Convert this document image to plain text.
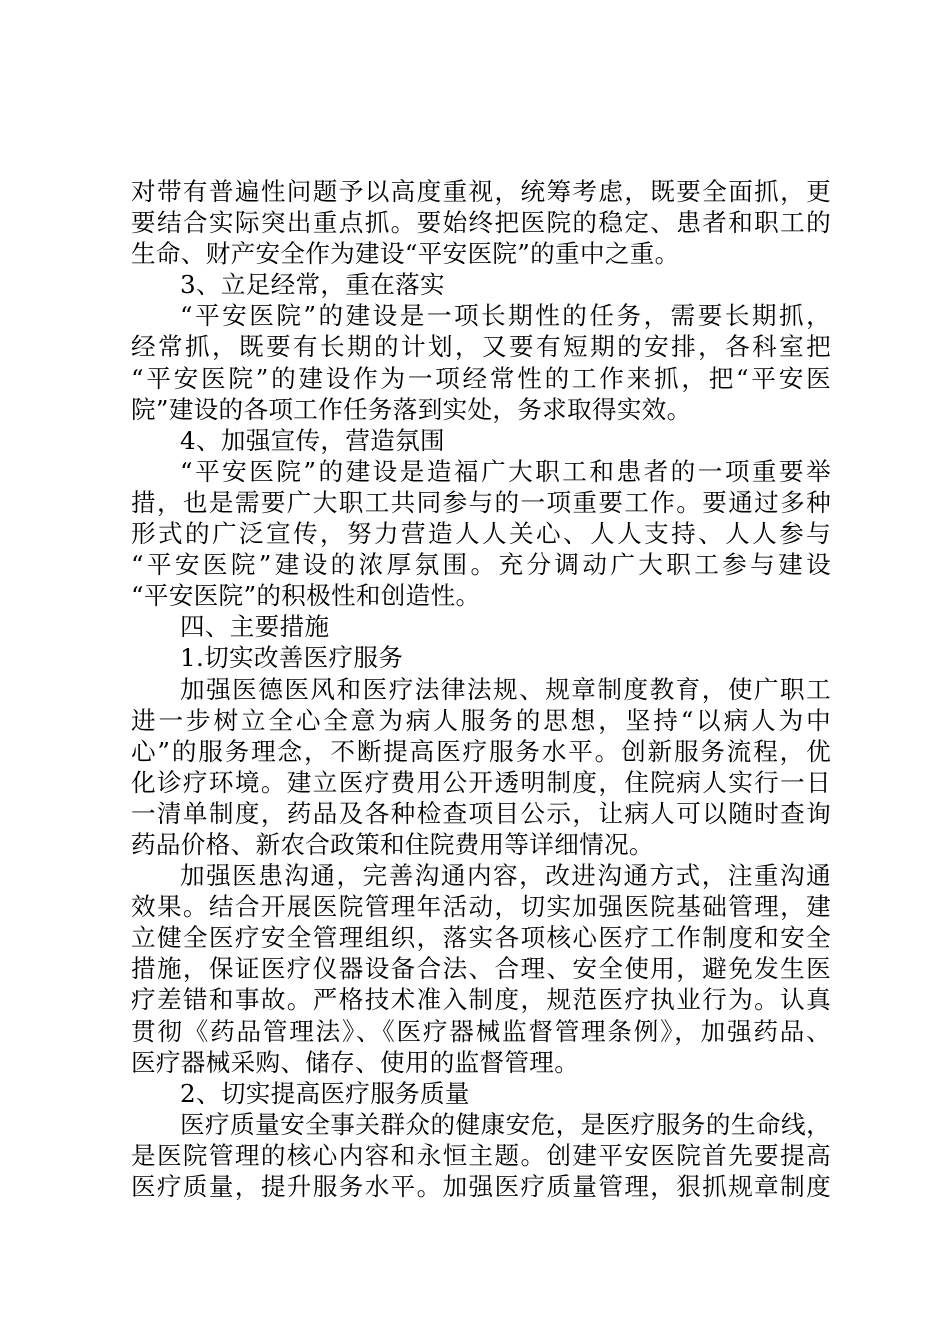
对带有普遍性问题予以高度重视，统筹考虑，既要全面抓，更
要结合实际突出重点抓。要始终把医院的稳定、患者和职工的
生命、财产安全作为建设“平安医院”的重中之重。
3、立足经常，重在落实
“平安医院”的建设是一项长期性的任务，需要长期抓，
经常抓，既要有长期的计划，又要有短期的安排，各科室把
“平安医院”的建设作为一项经常性的工作来抓，把“平安医
院”建设的各项工作任务落到实处，务求取得实效。
4、加强宣传，营造氛围
“平安医院”的建设是造福广大职工和患者的一项重要举
措，也是需要广大职工共同参与的一项重要工作。要通过多种
形式的广泛宣传，努力营造人人关心、人人支持、人人参与
“平安医院”建设的浓厚氛围。充分调动广大职工参与建设
“平安医院”的积极性和创造性。
四、主要措施
1.切实改善医疗服务
加强医德医风和医疗法律法规、规章制度教育，使广职工
进一步树立全心全意为病人服务的思想，坚持“以病人为中
心”的服务理念，不断提高医疗服务水平。创新服务流程，优
化诊疗环境。建立医疗费用公开透明制度，住院病人实行一日
一清单制度，药品及各种检查项目公示，让病人可以随时查询
药品价格、新农合政策和住院费用等详细情况。
加强医患沟通，完善沟通内容，改进沟通方式，注重沟通
效果。结合开展医院管理年活动，切实加强医院基础管理，建
立健全医疗安全管理组织，落实各项核心医疗工作制度和安全
措施，保证医疗仪器设备合法、合理、安全使用，避免发生医
疗差错和事故。严格技术准入制度，规范医疗执业行为。认真
贯彻《药品管理法》、《医疗器械监督管理条例》，加强药品、
医疗器械采购、储存、使用的监督管理。
2、切实提高医疗服务质量
医疗质量安全事关群众的健康安危，是医疗服务的生命线，
是医院管理的核心内容和永恒主题。创建平安医院首先要提高
医疗质量，提升服务水平。加强医疗质量管理，狠抓规章制度
